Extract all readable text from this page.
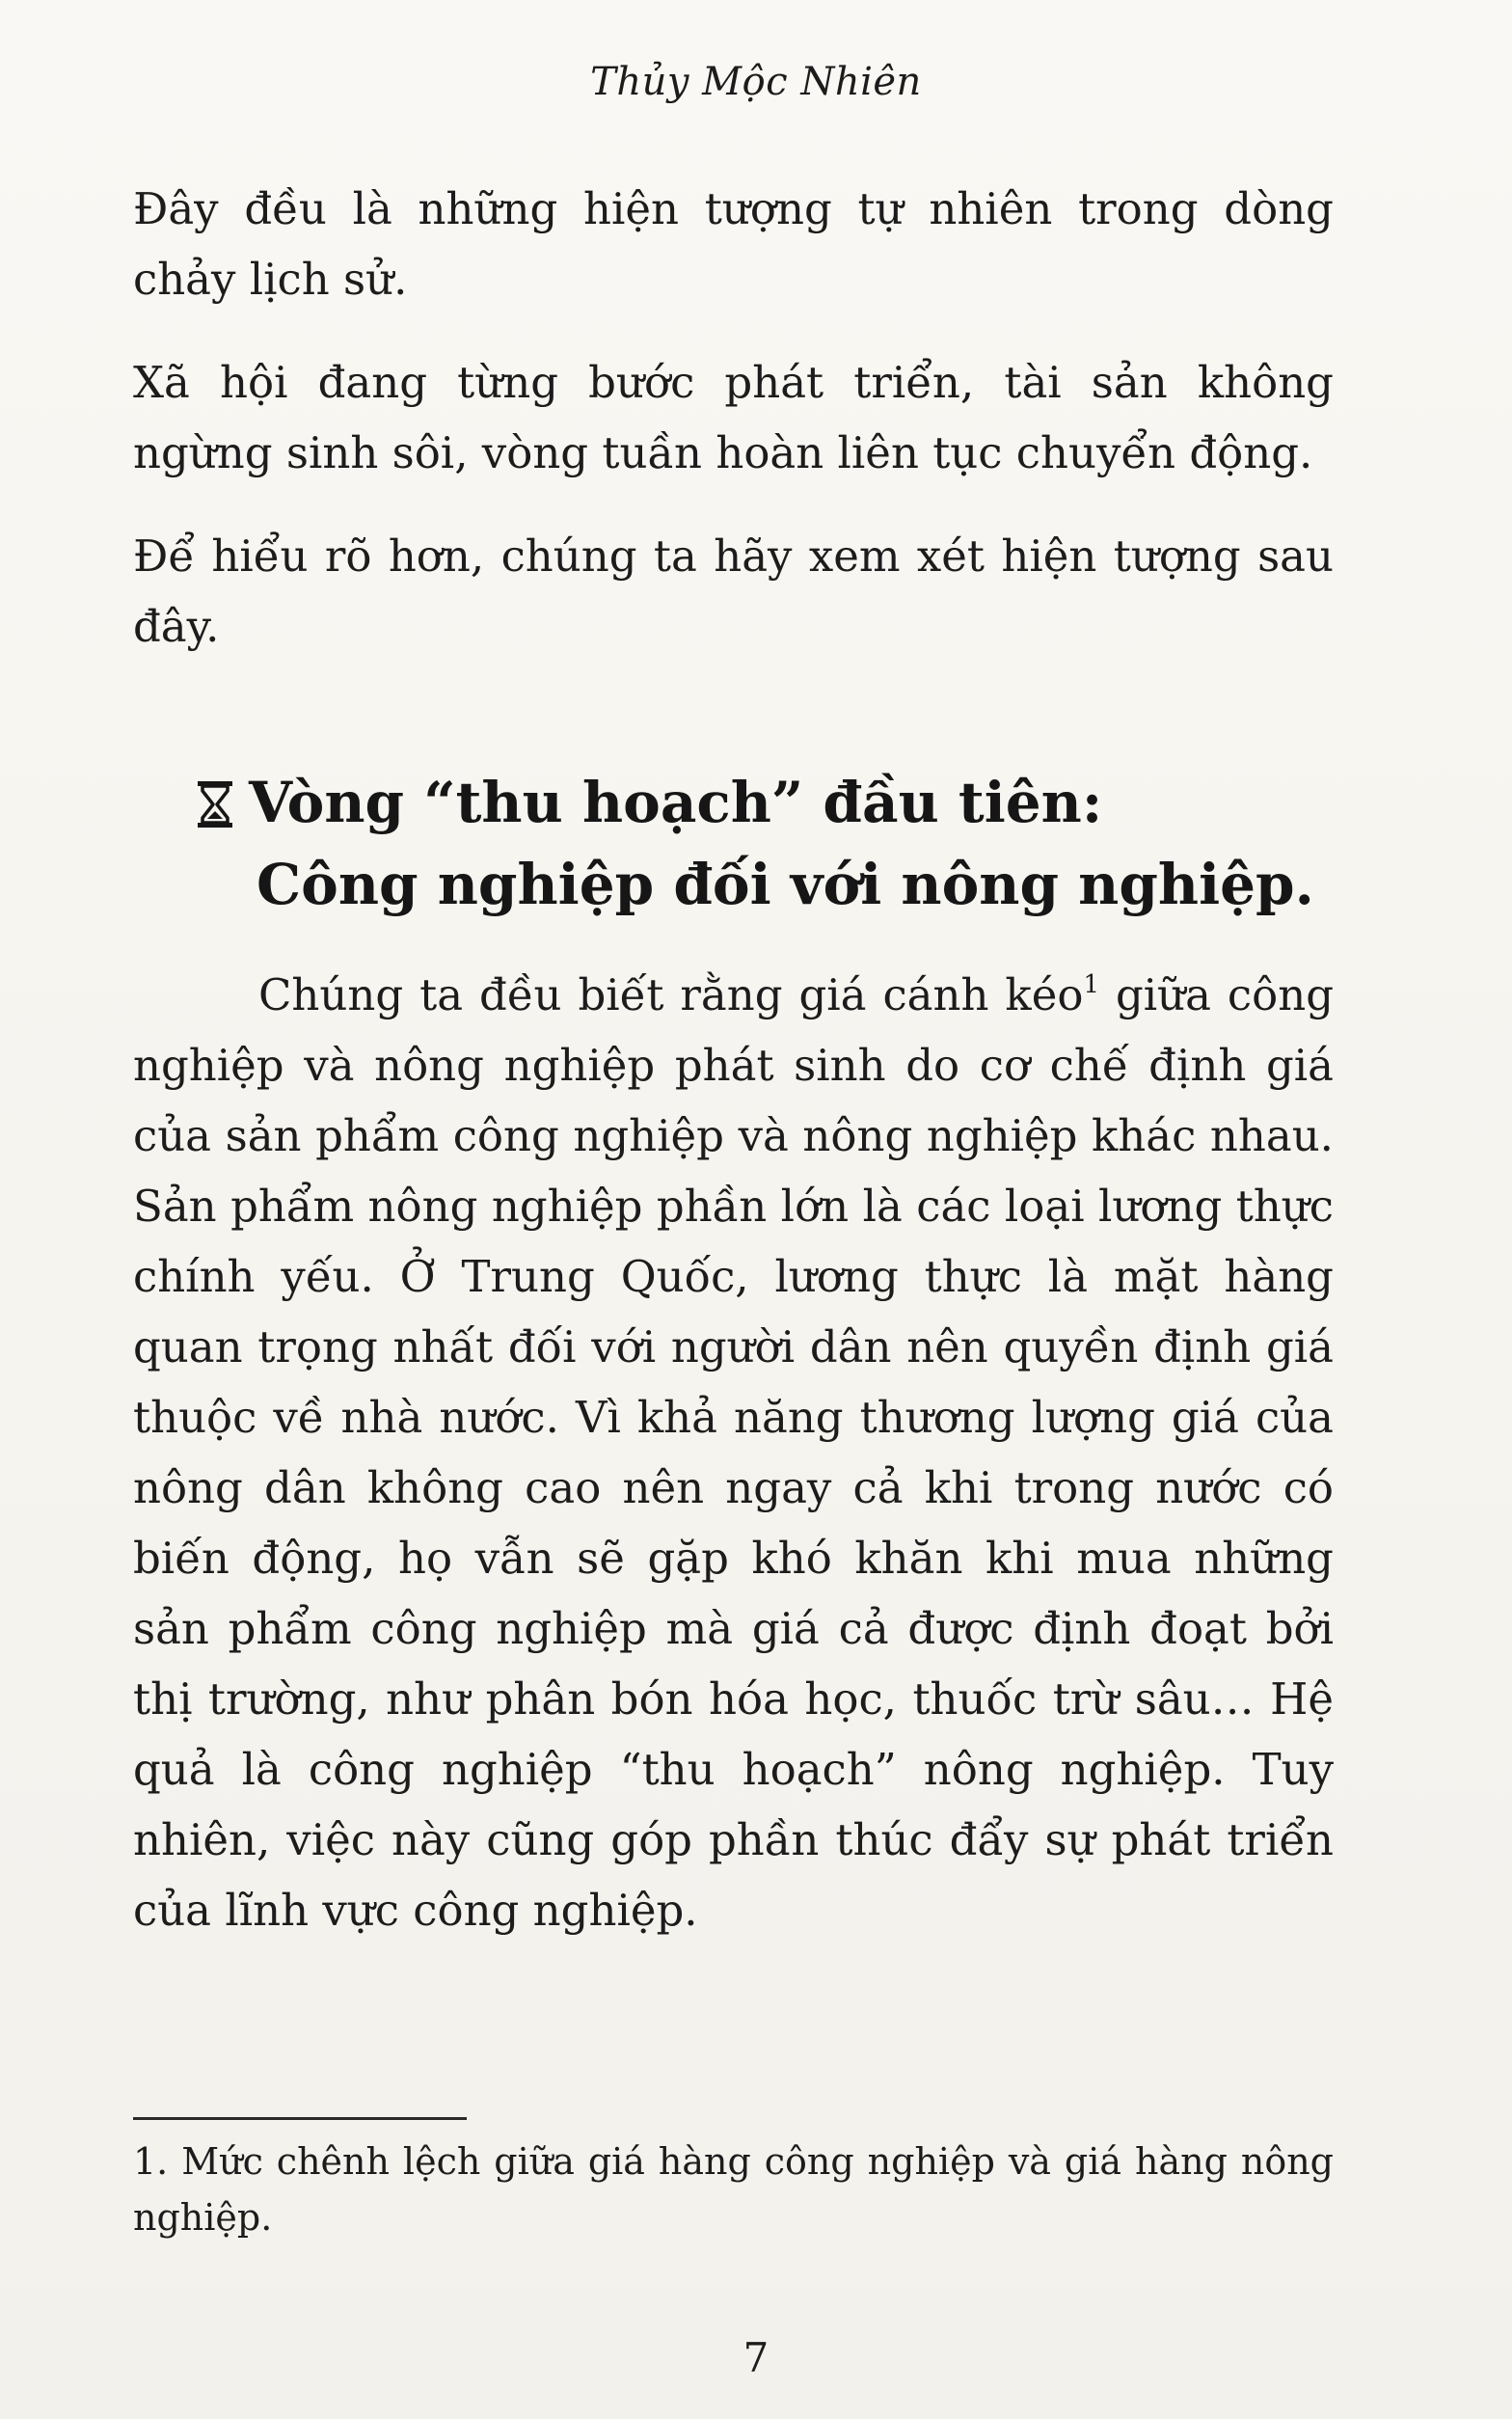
Thủy Mộc Nhiên

Đây đều là những hiện tượng tự nhiên trong dòng chảy lịch sử.

Xã hội đang từng bước phát triển, tài sản không ngừng sinh sôi, vòng tuần hoàn liên tục chuyển động.

Để hiểu rõ hơn, chúng ta hãy xem xét hiện tượng sau đây.

Vòng “thu hoạch” đầu tiên:
Công nghiệp đối với nông nghiệp.

Chúng ta đều biết rằng giá cánh kéo$^1$ giữa công nghiệp và nông nghiệp phát sinh do cơ chế định giá của sản phẩm công nghiệp và nông nghiệp khác nhau. Sản phẩm nông nghiệp phần lớn là các loại lương thực chính yếu. Ở Trung Quốc, lương thực là mặt hàng quan trọng nhất đối với người dân nên quyền định giá thuộc về nhà nước. Vì khả năng thương lượng giá của nông dân không cao nên ngay cả khi trong nước có biến động, họ vẫn sẽ gặp khó khăn khi mua những sản phẩm công nghiệp mà giá cả được định đoạt bởi thị trường, như phân bón hóa học, thuốc trừ sâu… Hệ quả là công nghiệp “thu hoạch” nông nghiệp. Tuy nhiên, việc này cũng góp phần thúc đẩy sự phát triển của lĩnh vực công nghiệp.

1. Mức chênh lệch giữa giá hàng công nghiệp và giá hàng nông nghiệp.
7
